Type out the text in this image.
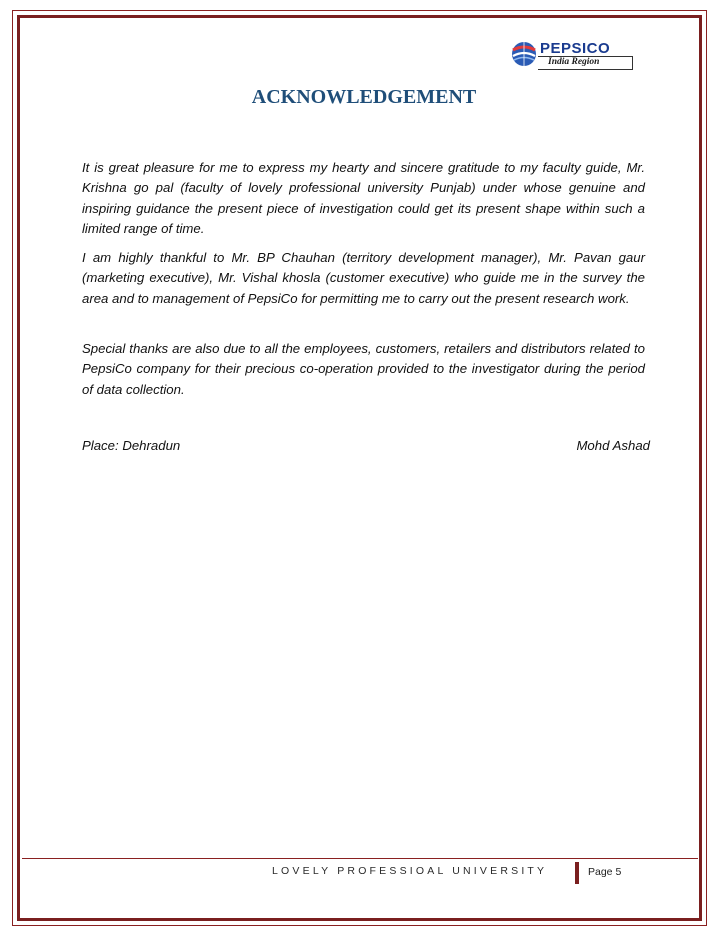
PEPSICO
India Region
ACKNOWLEDGEMENT

It is great pleasure for me to express my hearty and sincere gratitude to my faculty guide, Mr. Krishna go pal (faculty of lovely professional university Punjab) under whose genuine and inspiring guidance the present piece of investigation could get its present shape within such a limited range of time.

I am highly thankful to Mr. BP Chauhan (territory development manager), Mr. Pavan gaur (marketing executive), Mr. Vishal khosla (customer executive) who guide me in the survey the area and to management of PepsiCo for permitting me to carry out the present research work.

Special thanks are also due to all the employees, customers, retailers and distributors related to PepsiCo company for their precious co-operation provided to the investigator during the period of data collection.

Place: Dehradun	Mohd Ashad
LOVELY PROFESSIOAL UNIVERSITY	Page 5
